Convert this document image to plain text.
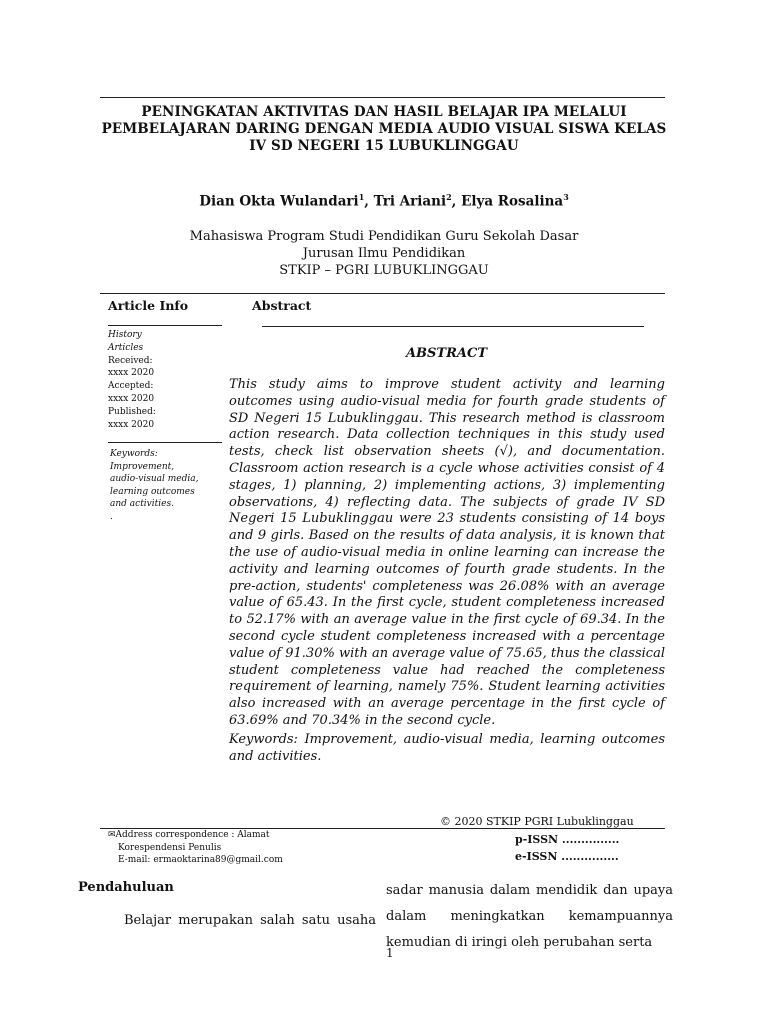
PENINGKATAN AKTIVITAS DAN HASIL BELAJAR IPA MELALUI
PEMBELAJARAN DARING DENGAN MEDIA AUDIO VISUAL SISWA KELAS
IV SD NEGERI 15 LUBUKLINGGAU
Dian Okta Wulandari$^1$, Tri Ariani$^2$, Elya Rosalina$^3$
Mahasiswa Program Studi Pendidikan Guru Sekolah Dasar
Jurusan Ilmu Pendidikan
STKIP – PGRI LUBUKLINGGAU
Article Info	Abstract
History
Articles
Received:
xxxx 2020
Accepted:
xxxx 2020
Published:
xxxx 2020
Keywords:
Improvement,
audio-visual media,
learning outcomes
and activities.
.
ABSTRACT

This study aims to improve student activity and learning outcomes using audio-visual media for fourth grade students of SD Negeri 15 Lubuklinggau. This research method is classroom action research. Data collection techniques in this study used tests, check list observation sheets (√), and documentation. Classroom action research is a cycle whose activities consist of 4 stages, 1) planning, 2) implementing actions, 3) implementing observations, 4) reflecting data. The subjects of grade IV SD Negeri 15 Lubuklinggau were 23 students consisting of 14 boys and 9 girls. Based on the results of data analysis, it is known that the use of audio-visual media in online learning can increase the activity and learning outcomes of fourth grade students. In the pre-action, students' completeness was 26.08% with an average value of 65.43. In the first cycle, student completeness increased to 52.17% with an average value in the first cycle of 69.34. In the second cycle student completeness increased with a percentage value of 91.30% with an average value of 75.65, thus the classical student completeness value had reached the completeness requirement of learning, namely 75%. Student learning activities also increased with an average percentage in the first cycle of 63.69% and 70.34% in the second cycle.

Keywords: Improvement, audio-visual media, learning outcomes and activities.

© 2020 STKIP PGRI Lubuklinggau
✉Address correspondence : Alamat
Korespendensi Penulis
E-mail: ermaoktarina89@gmail.com
p-ISSN ...............
e-ISSN ...............
Pendahuluan
Belajar merupakan salah satu usaha

sadar manusia dalam mendidik dan upaya dalam meningkatkan kemampuannya kemudian di iringi oleh perubahan serta

1
